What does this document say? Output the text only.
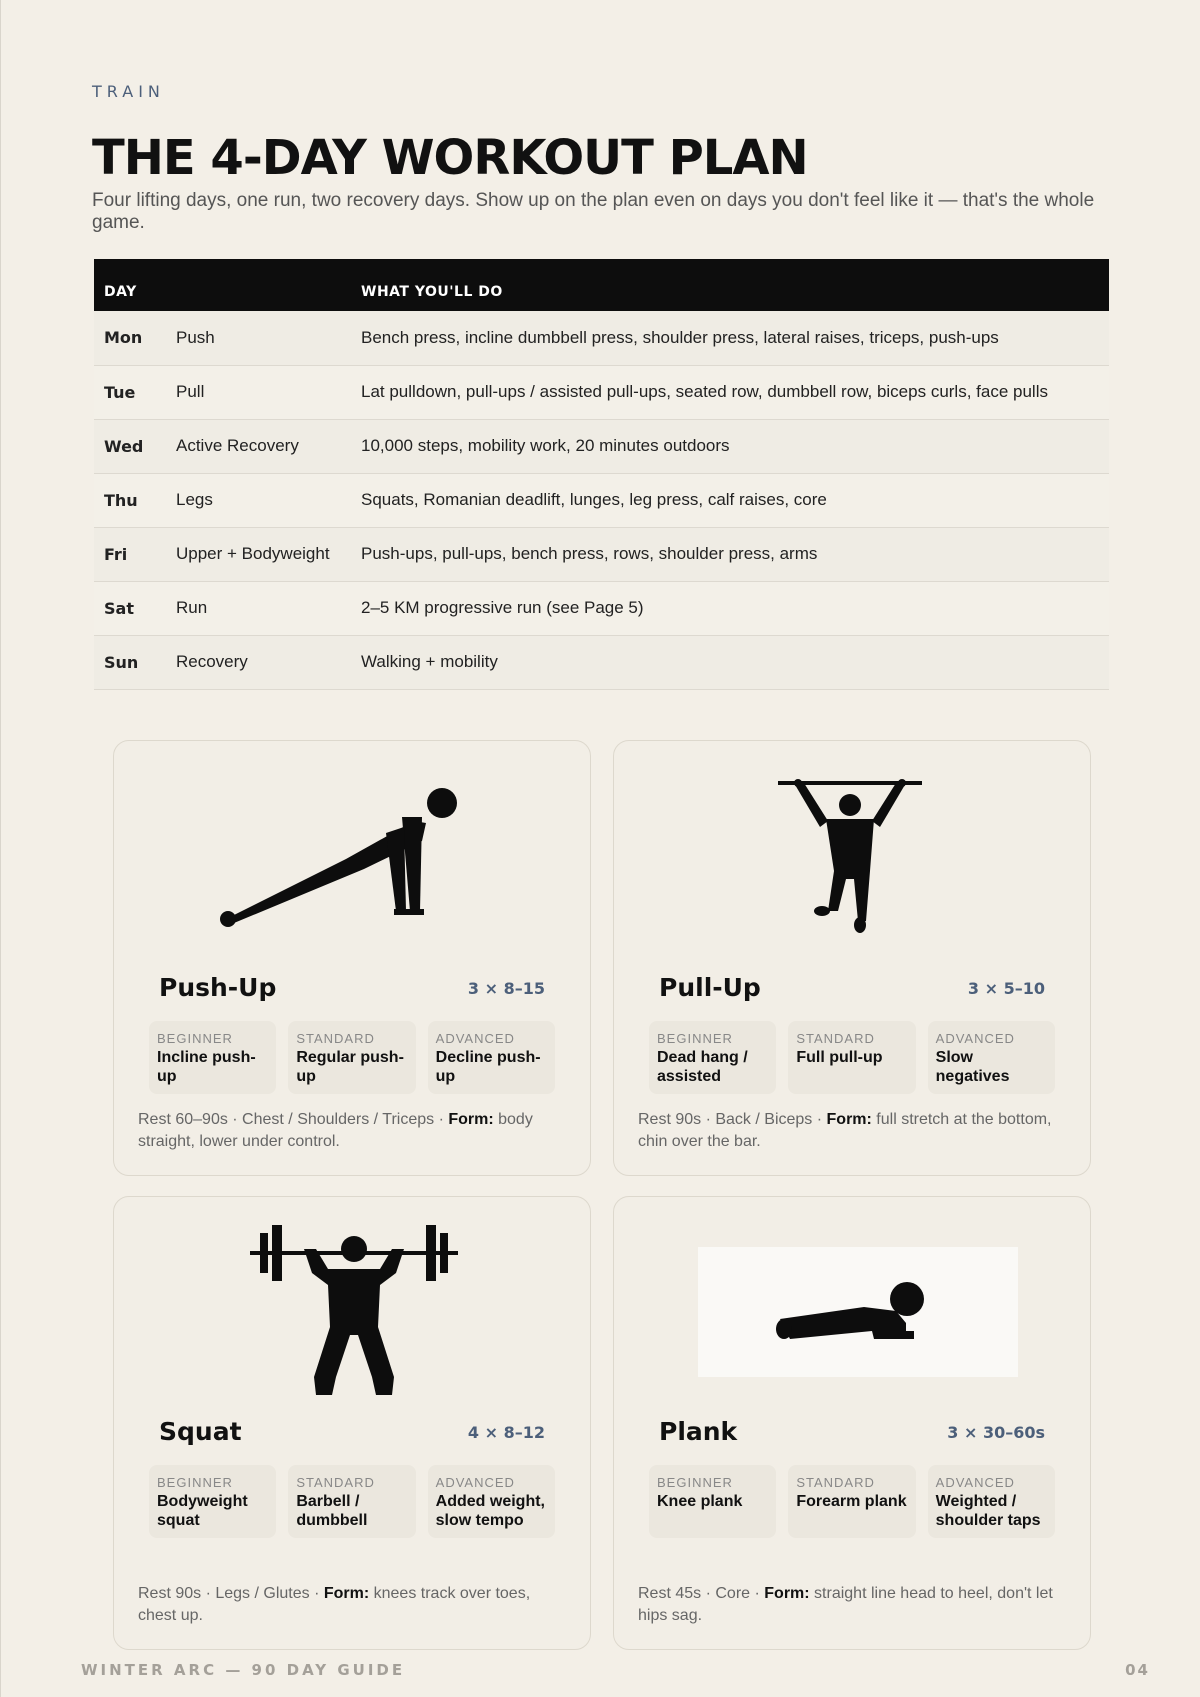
TRAIN
THE 4-DAY WORKOUT PLAN
Four lifting days, one run, two recovery days. Show up on the plan even on days you don't feel like it — that's the whole game.
DAY		WHAT YOU'LL DO
Mon	Push	Bench press, incline dumbbell press, shoulder press, lateral raises, triceps, push-ups
Tue	Pull	Lat pulldown, pull-ups / assisted pull-ups, seated row, dumbbell row, biceps curls, face pulls
Wed	Active Recovery	10,000 steps, mobility work, 20 minutes outdoors
Thu	Legs	Squats, Romanian deadlift, lunges, leg press, calf raises, core
Fri	Upper + Bodyweight	Push-ups, pull-ups, bench press, rows, shoulder press, arms
Sat	Run	2–5 KM progressive run (see Page 5)
Sun	Recovery	Walking + mobility
Push-Up	3 × 8–15
BEGINNER
Incline push-up
STANDARD
Regular push-up
ADVANCED
Decline push-up
Rest 60–90s · Chest / Shoulders / Triceps · Form: body straight, lower under control.
Pull-Up	3 × 5–10
BEGINNER
Dead hang / assisted
STANDARD
Full pull-up
ADVANCED
Slow negatives
Rest 90s · Back / Biceps · Form: full stretch at the bottom, chin over the bar.
Squat	4 × 8–12
BEGINNER
Bodyweight squat
STANDARD
Barbell / dumbbell
ADVANCED
Added weight, slow tempo
Rest 90s · Legs / Glutes · Form: knees track over toes, chest up.
Plank	3 × 30–60s
BEGINNER
Knee plank
STANDARD
Forearm plank
ADVANCED
Weighted / shoulder taps
Rest 45s · Core · Form: straight line head to heel, don't let hips sag.
WINTER ARC — 90 DAY GUIDE	04
